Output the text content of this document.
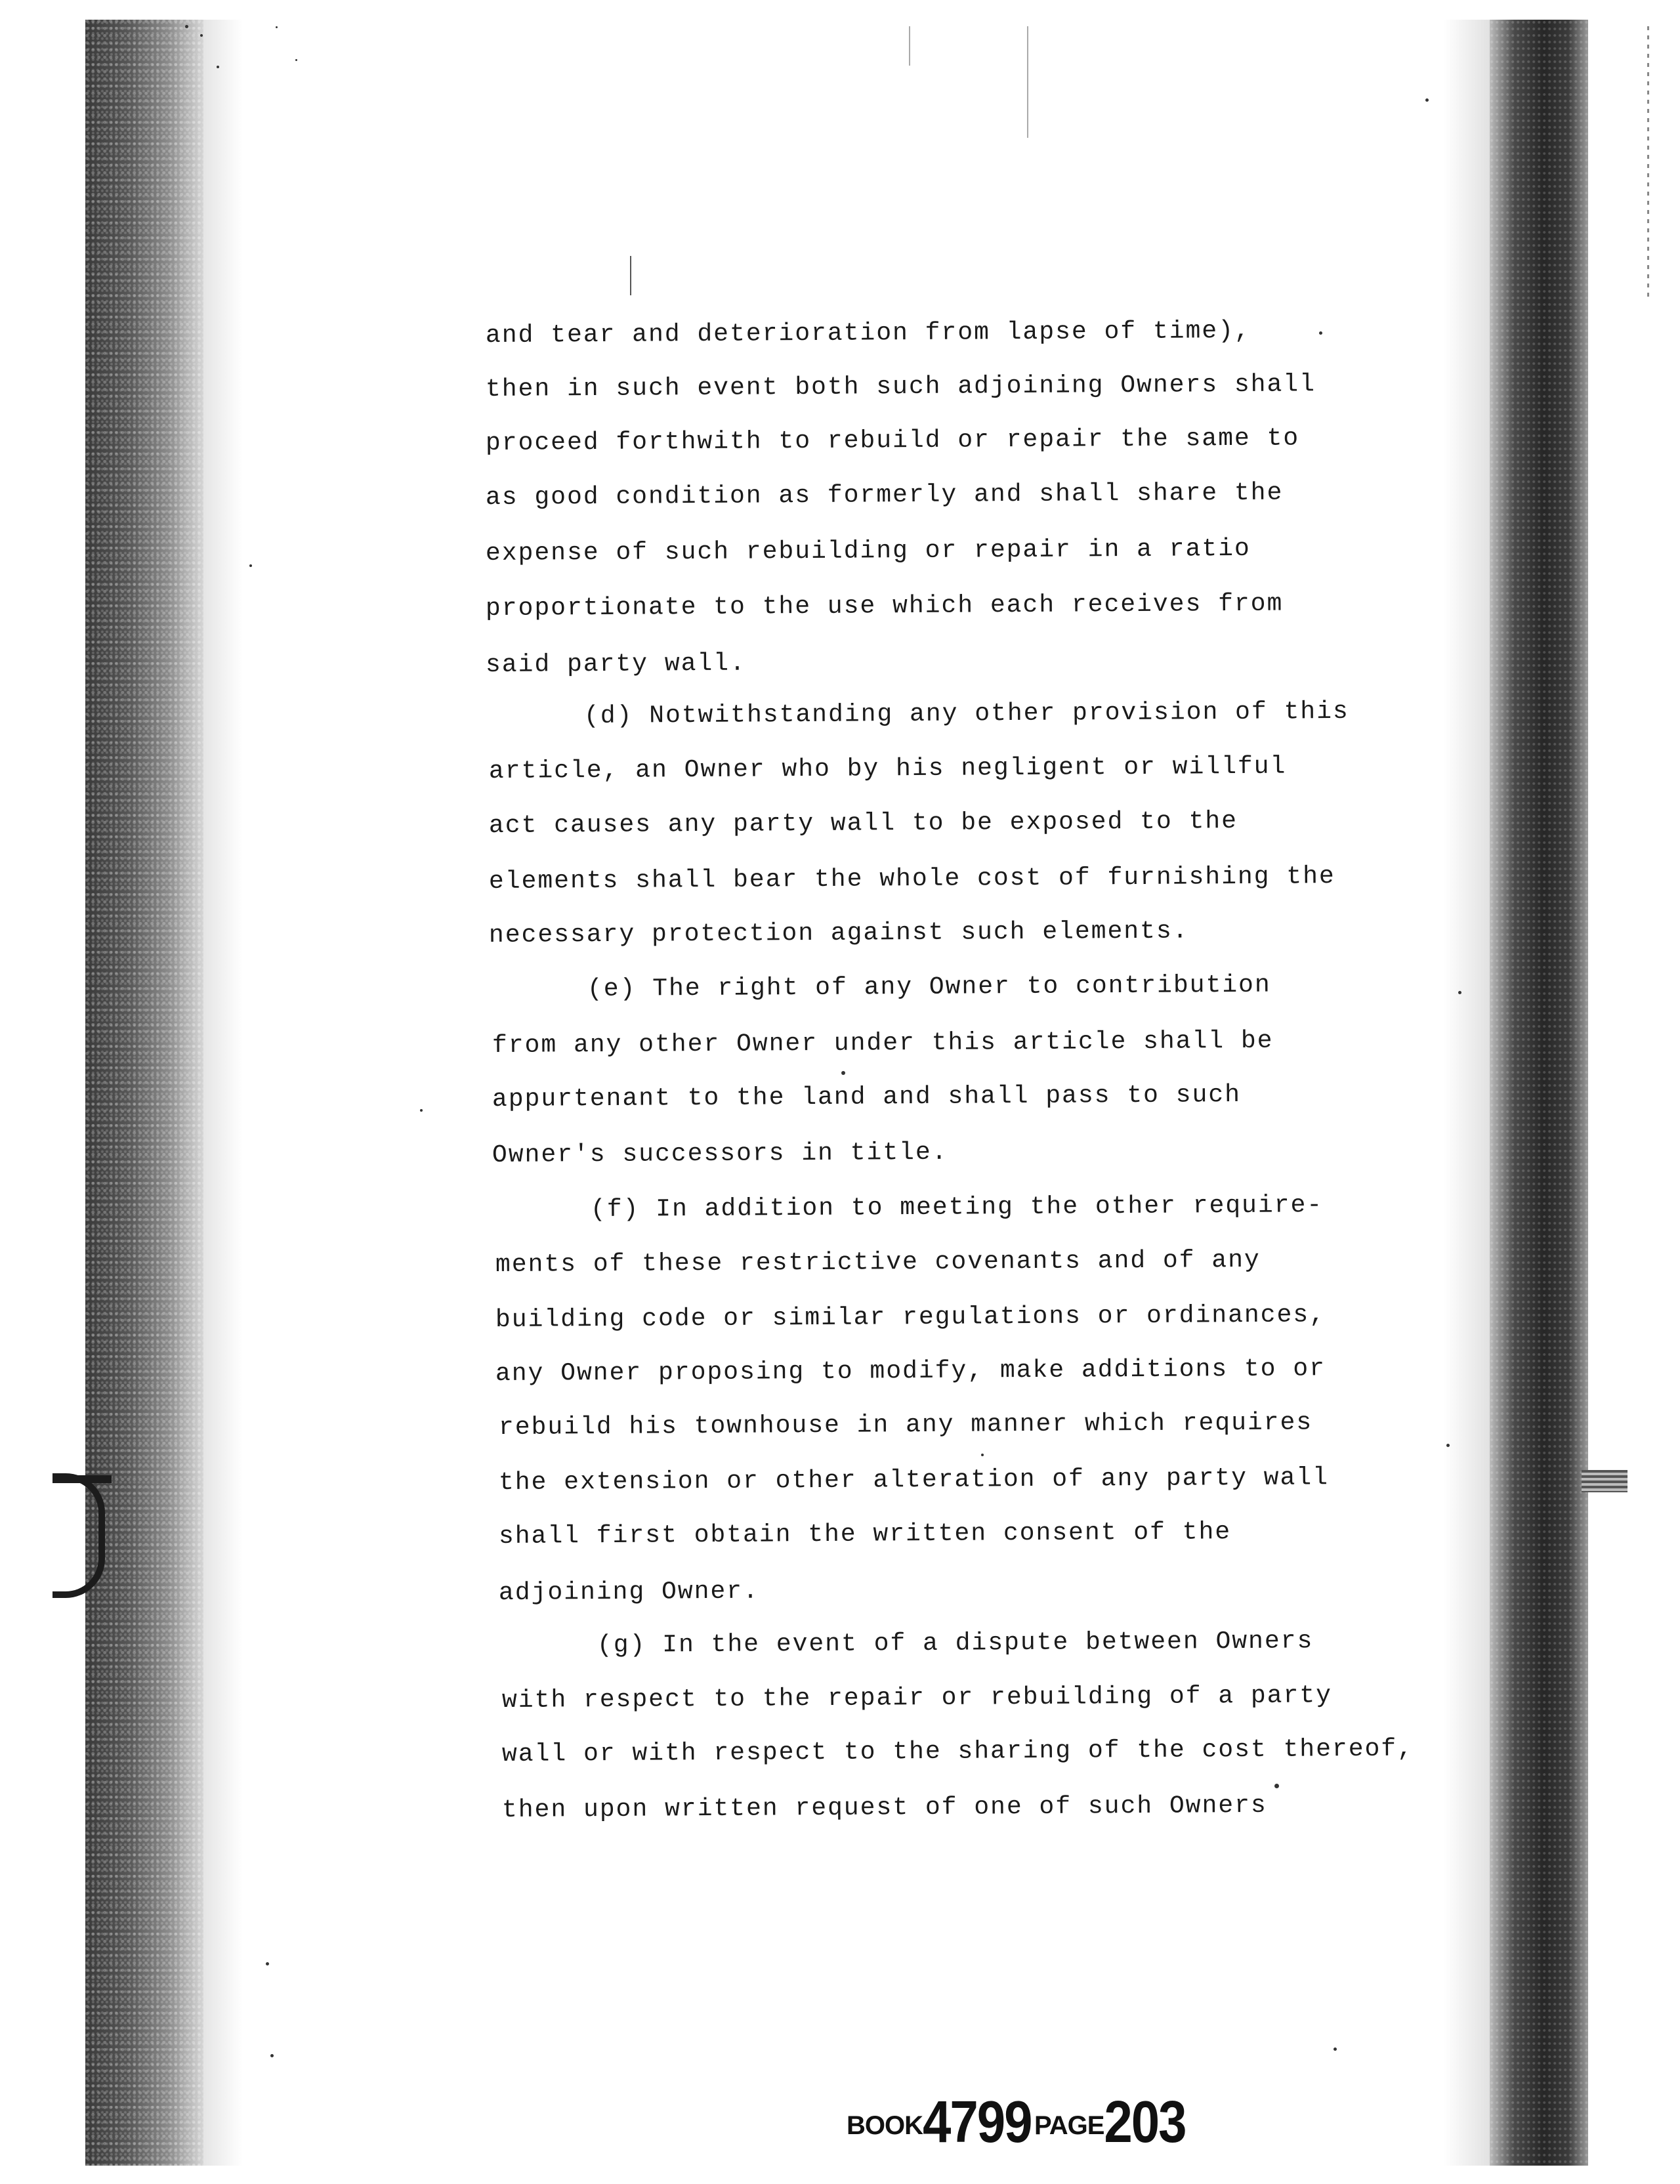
and tear and deterioration from lapse of time),
then in such event both such adjoining Owners shall
proceed forthwith to rebuild or repair the same to
as good condition as formerly and shall share the
expense of such rebuilding or repair in a ratio
proportionate to the use which each receives from
said party wall.
(d) Notwithstanding any other provision of this
article, an Owner who by his negligent or willful
act causes any party wall to be exposed to the
elements shall bear the whole cost of furnishing the
necessary protection against such elements.
(e) The right of any Owner to contribution
from any other Owner under this article shall be
appurtenant to the land and shall pass to such
Owner's successors in title.
(f) In addition to meeting the other require-
ments of these restrictive covenants and of any
building code or similar regulations or ordinances,
any Owner proposing to modify, make additions to or
rebuild his townhouse in any manner which requires
the extension or other alteration of any party wall
shall first obtain the written consent of the
adjoining Owner.
(g) In the event of a dispute between Owners
with respect to the repair or rebuilding of a party
wall or with respect to the sharing of the cost thereof,
then upon written request of one of such Owners
BOOK4799 PAGE203
